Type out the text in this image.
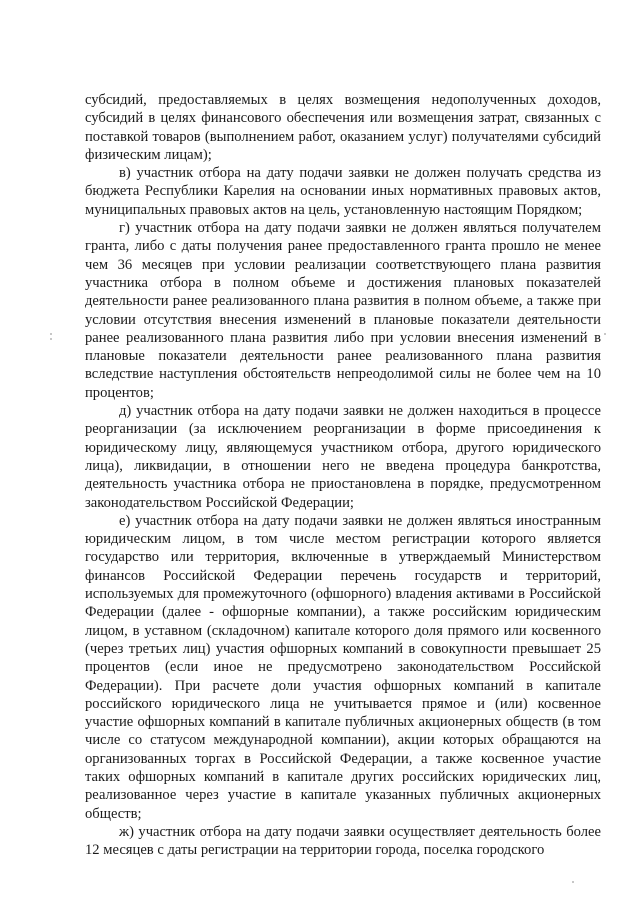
субсидий, предоставляемых в целях возмещения недополученных доходов, субсидий в целях финансового обеспечения или возмещения затрат, связанных с поставкой товаров (выполнением работ, оказанием услуг) получателями субсидий физическим лицам);

в) участник отбора на дату подачи заявки не должен получать средства из бюджета Республики Карелия на основании иных нормативных правовых актов, муниципальных правовых актов на цель, установленную настоящим Порядком;

г) участник отбора на дату подачи заявки не должен являться получателем гранта, либо с даты получения ранее предоставленного гранта прошло не менее чем 36 месяцев при условии реализации соответствующего плана развития участника отбора в полном объеме и достижения плановых показателей деятельности ранее реализованного плана развития в полном объеме, а также при условии отсутствия внесения изменений в плановые показатели деятельности ранее реализованного плана развития либо при условии внесения изменений в плановые показатели деятельности ранее реализованного плана развития вследствие наступления обстоятельств непреодолимой силы не более чем на 10 процентов;

д) участник отбора на дату подачи заявки не должен находиться в процессе реорганизации (за исключением реорганизации в форме присоединения к юридическому лицу, являющемуся участником отбора, другого юридического лица), ликвидации, в отношении него не введена процедура банкротства, деятельность участника отбора не приостановлена в порядке, предусмотренном законодательством Российской Федерации;

е) участник отбора на дату подачи заявки не должен являться иностранным юридическим лицом, в том числе местом регистрации которого является государство или территория, включенные в утверждаемый Министерством финансов Российской Федерации перечень государств и территорий, используемых для промежуточного (офшорного) владения активами в Российской Федерации (далее - офшорные компании), а также российским юридическим лицом, в уставном (складочном) капитале которого доля прямого или косвенного (через третьих лиц) участия офшорных компаний в совокупности превышает 25 процентов (если иное не предусмотрено законодательством Российской Федерации). При расчете доли участия офшорных компаний в капитале российского юридического лица не учитывается прямое и (или) косвенное участие офшорных компаний в капитале публичных акционерных обществ (в том числе со статусом международной компании), акции которых обращаются на организованных торгах в Российской Федерации, а также косвенное участие таких офшорных компаний в капитале других российских юридических лиц, реализованное через участие в капитале указанных публичных акционерных обществ;

ж) участник отбора на дату подачи заявки осуществляет деятельность более 12 месяцев с даты регистрации на территории города, поселка городского
